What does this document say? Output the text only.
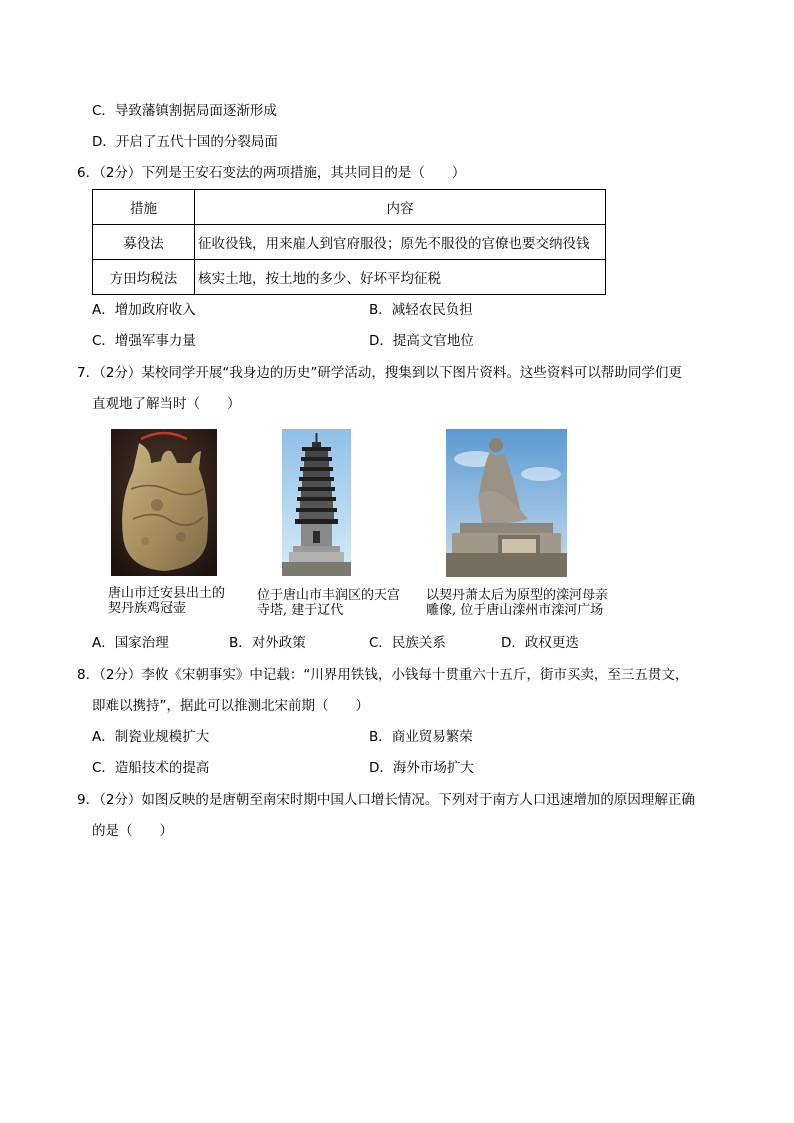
C．导致藩镇割据局面逐渐形成
D．开启了五代十国的分裂局面
6．（2分）下列是王安石变法的两项措施，其共同目的是（　　）
措施	内容
募役法	征收役钱，用来雇人到官府服役；原先不服役的官僚也要交纳役钱
方田均税法	核实土地，按土地的多少、好坏平均征税
A．增加政府收入	B．减轻农民负担
C．增强军事力量	D．提高文官地位
7．（2分）某校同学开展“我身边的历史”研学活动，搜集到以下图片资料。这些资料可以帮助同学们更
直观地了解当时（　　）
唐山市迁安县出土的
契丹族鸡冠壶
位于唐山市丰润区的天宫
寺塔, 建于辽代
以契丹萧太后为原型的滦河母亲
雕像, 位于唐山滦州市滦河广场
A．国家治理	B．对外政策	C．民族关系	D．政权更迭
8．（2分）李攸《宋朝事实》中记载：“川界用铁钱，小钱每十贯重六十五斤，街市买卖，至三五贯文，
即难以携持”，据此可以推测北宋前期（　　）
A．制瓷业规模扩大	B．商业贸易繁荣
C．造船技术的提高	D．海外市场扩大
9．（2分）如图反映的是唐朝至南宋时期中国人口增长情况。下列对于南方人口迅速增加的原因理解正确
的是（　　）
